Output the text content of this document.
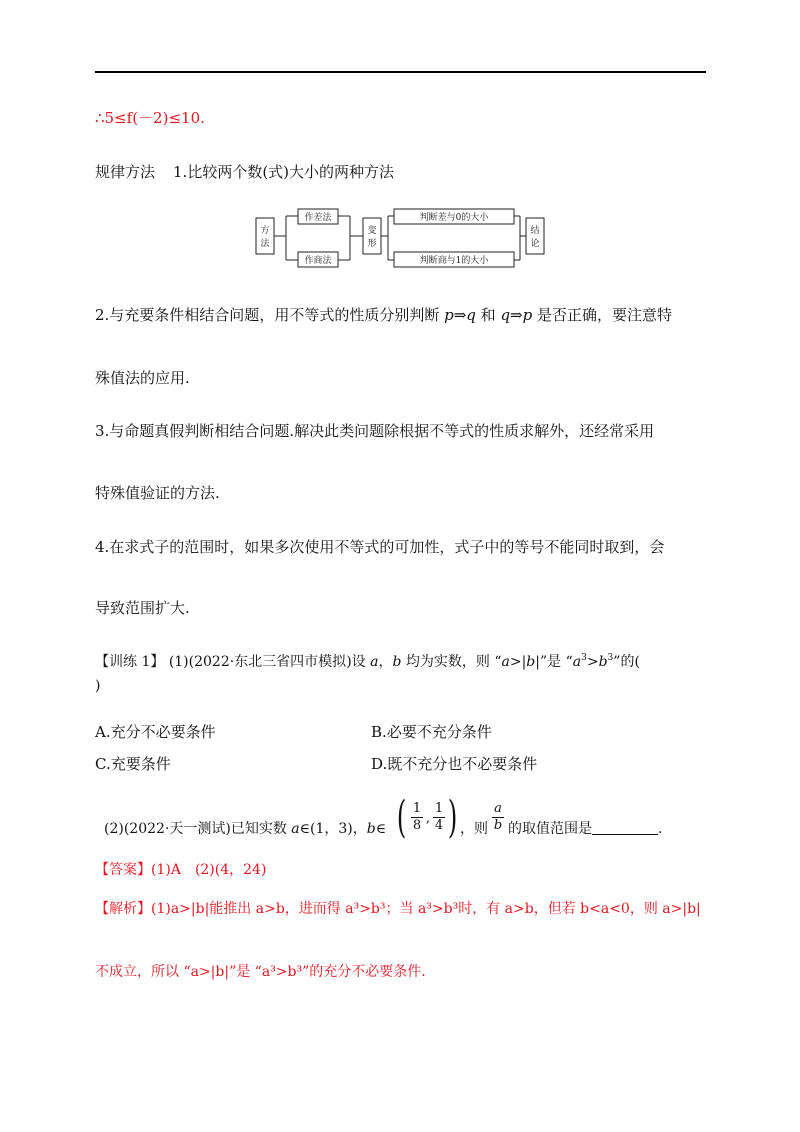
∴5≤f(－2)≤10.
规律方法 1.比较两个数(式)大小的两种方法
方
法
作差法
作商法
变
形
判断差与0的大小
判断商与1的大小
结
论
2.与充要条件相结合问题，用不等式的性质分别判断 p⇒q 和 q⇒p 是否正确，要注意特
殊值法的应用.
3.与命题真假判断相结合问题.解决此类问题除根据不等式的性质求解外，还经常采用
特殊值验证的方法.
4.在求式子的范围时，如果多次使用不等式的可加性，式子中的等号不能同时取到，会
导致范围扩大.
【训练 1】 (1)(2022·东北三省四市模拟)设 a，b 均为实数，则 “a>|b|”是 “$a^3>b^3$”的(
)
A.充分不必要条件	B.必要不充分条件
C.充要条件	D.既不充分也不必要条件
(2)(2022·天一测试)已知实数 a∈(1，3)，b∈ ( 1
8 ,
1
4 ) ，则
a
b 的取值范围是	.
【答案】(1)A　(2)(4，24)
【解析】(1)a>|b|能推出 a>b，进而得 a³>b³；当 a³>b³时，有 a>b，但若 b<a<0，则 a>|b|
不成立，所以 “a>|b|”是 “a³>b³”的充分不必要条件.
